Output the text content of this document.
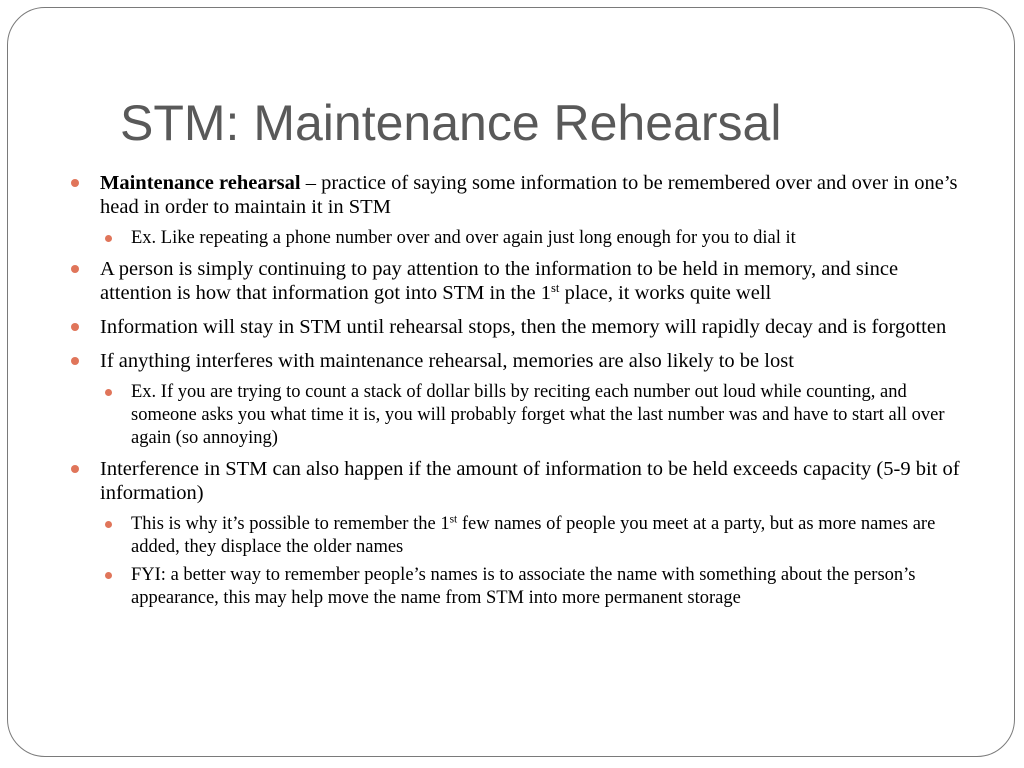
STM: Maintenance Rehearsal
Maintenance rehearsal – practice of saying some information to be remembered over and over in one’s head in order to maintain it in STM
Ex. Like repeating a phone number over and over again just long enough for you to dial it
A person is simply continuing to pay attention to the information to be held in memory, and since attention is how that information got into STM in the 1st place, it works quite well
Information will stay in STM until rehearsal stops, then the memory will rapidly decay and is forgotten
If anything interferes with maintenance rehearsal, memories are also likely to be lost
Ex. If you are trying to count a stack of dollar bills by reciting each number out loud while counting, and someone asks you what time it is, you will probably forget what the last number was and have to start all over again (so annoying)
Interference in STM can also happen if the amount of information to be held exceeds capacity (5-9 bit of information)
This is why it’s possible to remember the 1st few names of people you meet at a party, but as more names are added, they displace the older names
FYI: a better way to remember people’s names is to associate the name with something about the person’s appearance, this may help move the name from STM into more permanent storage
